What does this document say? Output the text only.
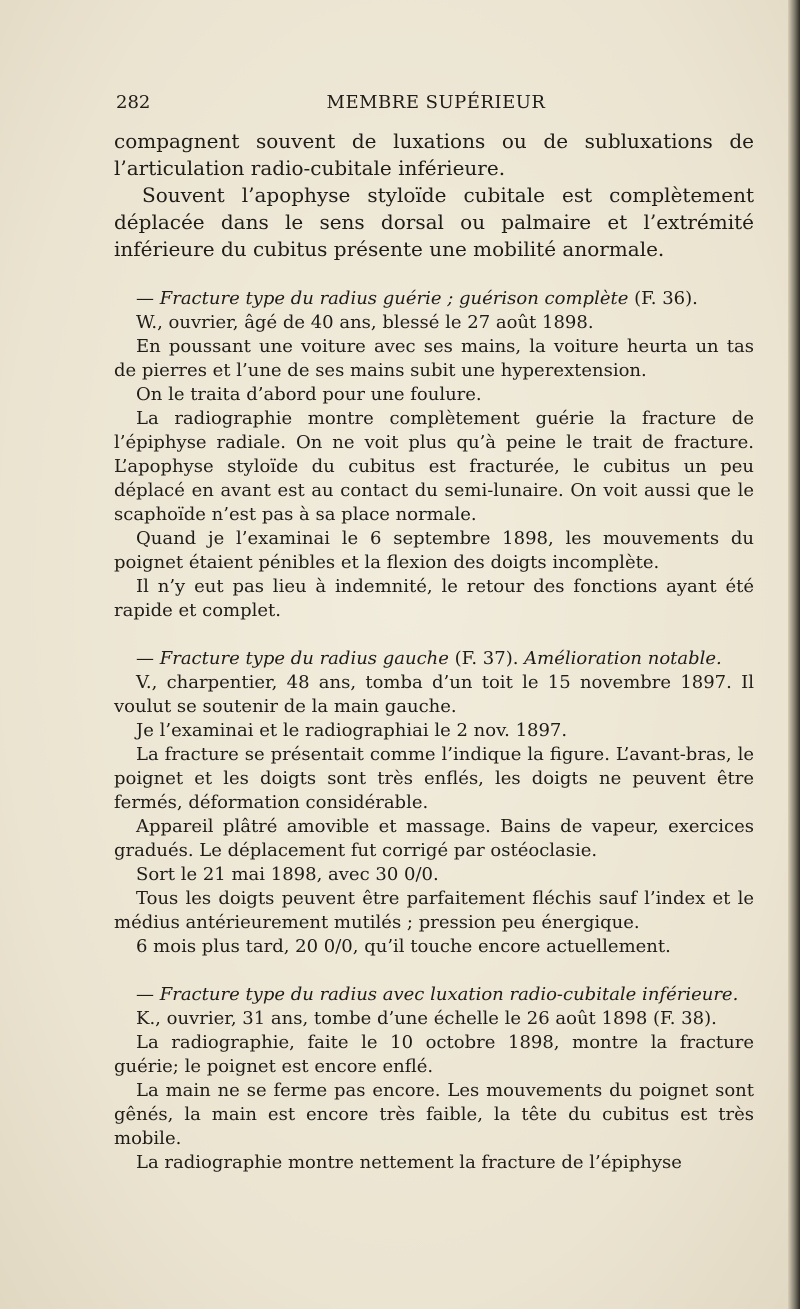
282	MEMBRE SUPÉRIEUR

compagnent souvent de luxations ou de subluxations de l’articulation radio-cubitale inférieure.

Souvent l’apophyse styloïde cubitale est complètement déplacée dans le sens dorsal ou palmaire et l’extrémité inférieure du cubitus présente une mobilité anormale.

— Fracture type du radius guérie ; guérison complète (F. 36).

W., ouvrier, âgé de 40 ans, blessé le 27 août 1898.

En poussant une voiture avec ses mains, la voiture heurta un tas de pierres et l’une de ses mains subit une hyperextension.

On le traita d’abord pour une foulure.

La radiographie montre complètement guérie la fracture de l’épiphyse radiale. On ne voit plus qu’à peine le trait de fracture. L’apophyse styloïde du cubitus est fracturée, le cubitus un peu déplacé en avant est au contact du semi-lunaire. On voit aussi que le scaphoïde n’est pas à sa place normale.

Quand je l’examinai le 6 septembre 1898, les mouvements du poignet étaient pénibles et la flexion des doigts incomplète.

Il n’y eut pas lieu à indemnité, le retour des fonctions ayant été rapide et complet.

— Fracture type du radius gauche (F. 37). Amélioration notable.

V., charpentier, 48 ans, tomba d’un toit le 15 novembre 1897. Il voulut se soutenir de la main gauche.

Je l’examinai et le radiographiai le 2 nov. 1897.

La fracture se présentait comme l’indique la figure. L’avant-bras, le poignet et les doigts sont très enflés, les doigts ne peuvent être fermés, déformation considérable.

Appareil plâtré amovible et massage. Bains de vapeur, exercices gradués. Le déplacement fut corrigé par ostéoclasie.

Sort le 21 mai 1898, avec 30 0/0.

Tous les doigts peuvent être parfaitement fléchis sauf l’index et le médius antérieurement mutilés ; pression peu énergique.

6 mois plus tard, 20 0/0, qu’il touche encore actuellement.

— Fracture type du radius avec luxation radio-cubitale inférieure.

K., ouvrier, 31 ans, tombe d’une échelle le 26 août 1898 (F. 38).

La radiographie, faite le 10 octobre 1898, montre la fracture guérie; le poignet est encore enflé.

La main ne se ferme pas encore. Les mouvements du poignet sont gênés, la main est encore très faible, la tête du cubitus est très mobile.

La radiographie montre nettement la fracture de l’épiphyse
